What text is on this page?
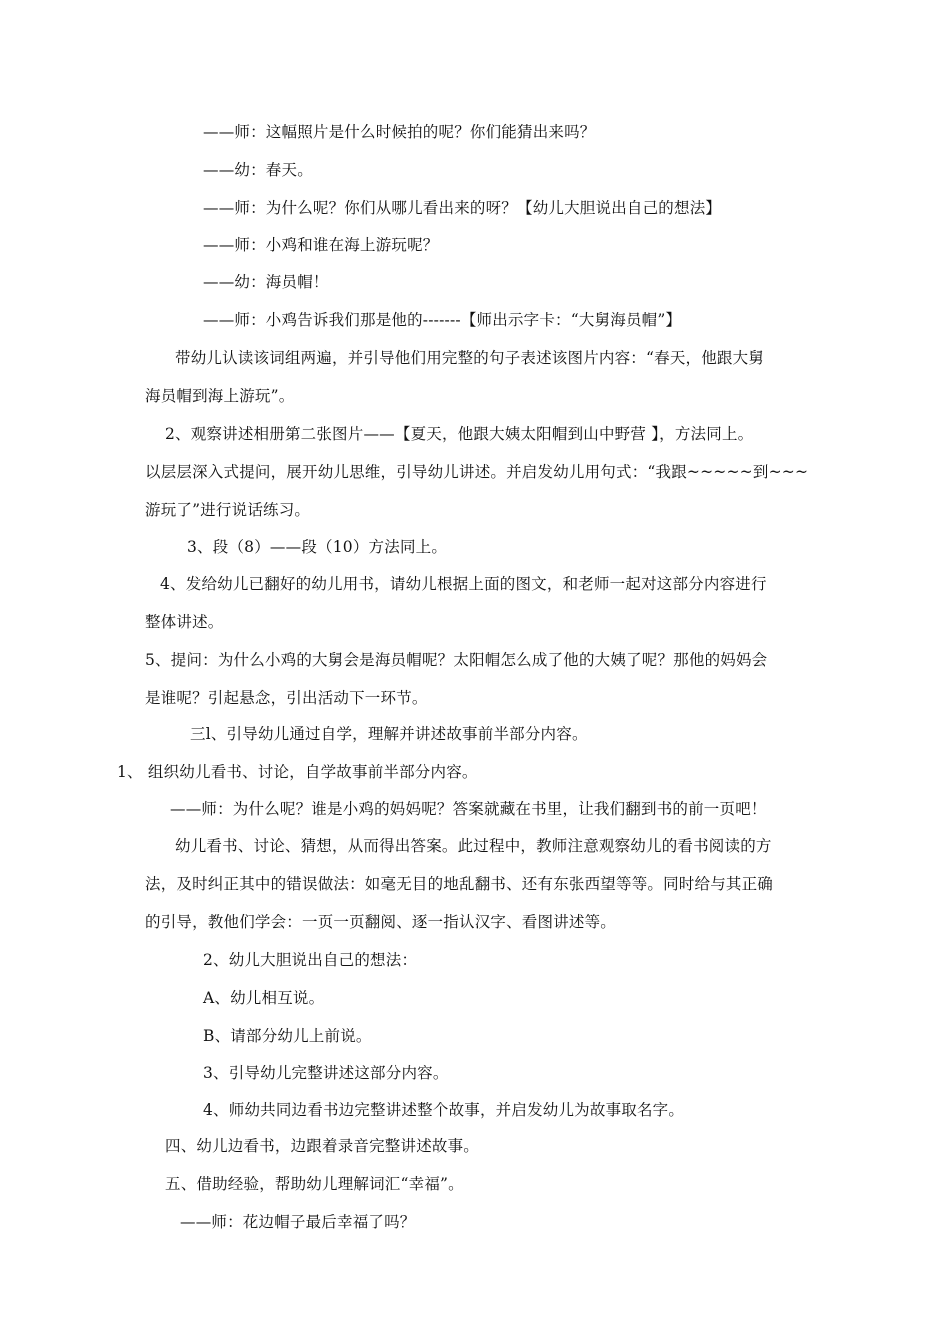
——师：这幅照片是什么时候拍的呢？你们能猜出来吗？
——幼：春天。
——师：为什么呢？你们从哪儿看出来的呀？【幼儿大胆说出自己的想法】
——师：小鸡和谁在海上游玩呢？
——幼：海员帽！
——师：小鸡告诉我们那是他的-------【师出示字卡：“大舅海员帽”】
带幼儿认读该词组两遍，并引导他们用完整的句子表述该图片内容：“春天，他跟大舅
海员帽到海上游玩”。
2、观察讲述相册第二张图片——【夏天，他跟大姨太阳帽到山中野营 】，方法同上。
以层层深入式提问，展开幼儿思维，引导幼儿讲述。并启发幼儿用句式：“我跟~~~~~到~~~
游玩了”进行说话练习。
3、段（8）——段（10）方法同上。
4、发给幼儿已翻好的幼儿用书，请幼儿根据上面的图文，和老师一起对这部分内容进行
整体讲述。
5、提问：为什么小鸡的大舅会是海员帽呢？太阳帽怎么成了他的大姨了呢？那他的妈妈会
是谁呢？引起悬念，引出活动下一环节。
三l、引导幼儿通过自学，理解并讲述故事前半部分内容。
1、 组织幼儿看书、讨论，自学故事前半部分内容。
——师：为什么呢？谁是小鸡的妈妈呢？答案就藏在书里，让我们翻到书的前一页吧！
幼儿看书、讨论、猜想，从而得出答案。此过程中，教师注意观察幼儿的看书阅读的方
法，及时纠正其中的错误做法：如毫无目的地乱翻书、还有东张西望等等。同时给与其正确
的引导，教他们学会：一页一页翻阅、逐一指认汉字、看图讲述等。
2、幼儿大胆说出自己的想法：
A、幼儿相互说。
B、请部分幼儿上前说。
3、引导幼儿完整讲述这部分内容。
4、师幼共同边看书边完整讲述整个故事，并启发幼儿为故事取名字。
四、幼儿边看书，边跟着录音完整讲述故事。
五、借助经验，帮助幼儿理解词汇“幸福”。
——师：花边帽子最后幸福了吗？
